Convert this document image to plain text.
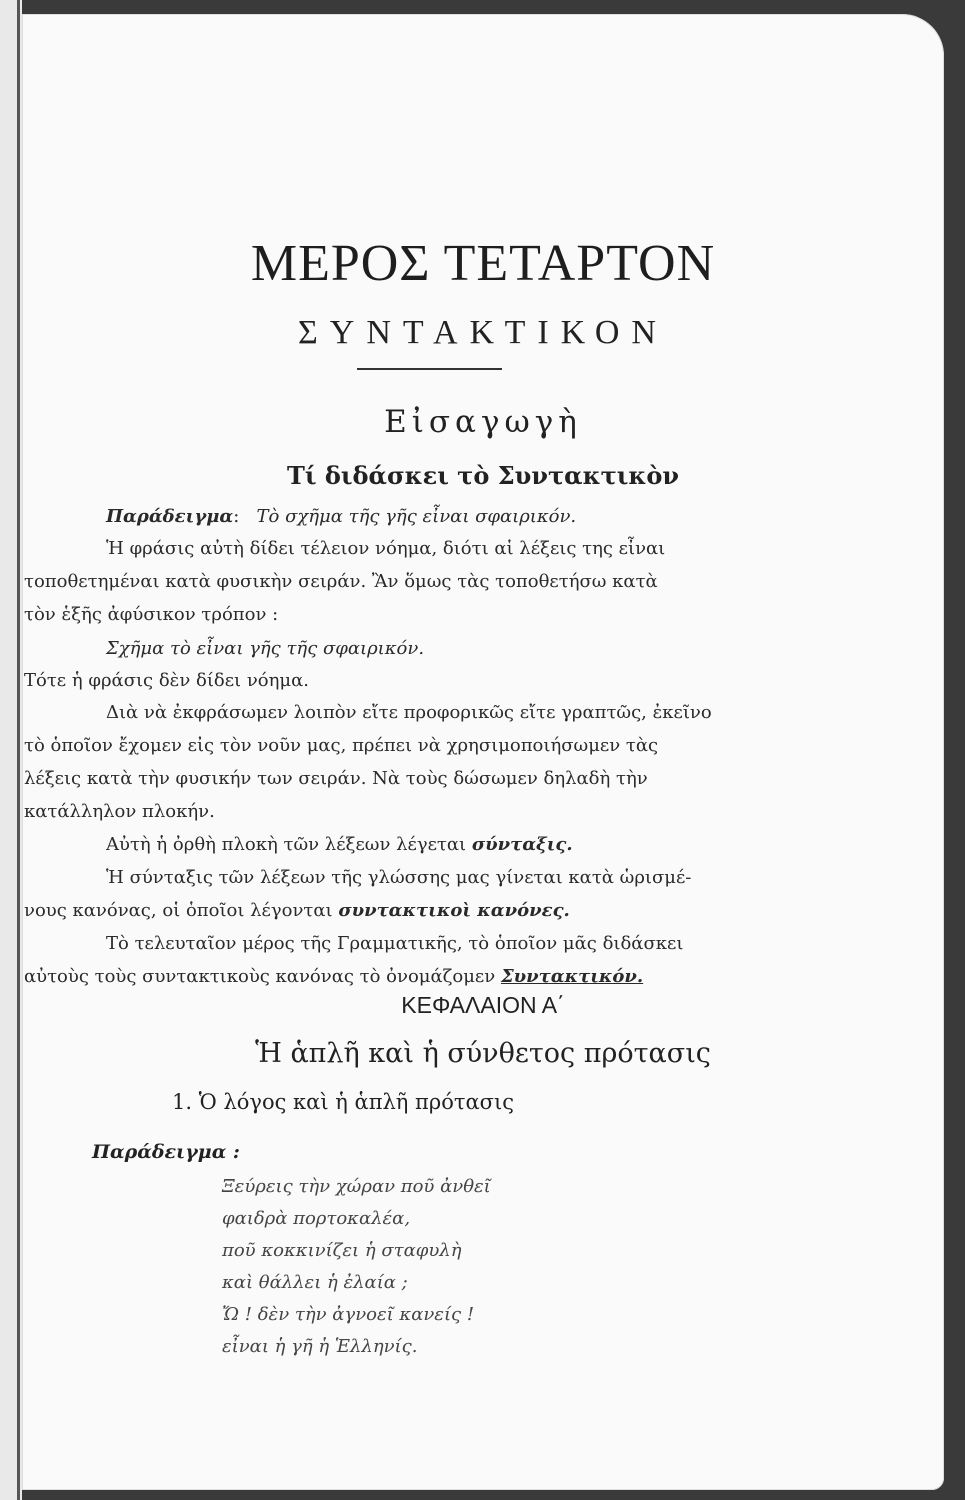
ΜΕΡΟΣ ΤΕΤΑΡΤΟΝ
ΣΥΝΤΑΚΤΙΚΟΝ
Εἰσαγωγὴ
Τί διδάσκει τὸ Συντακτικὸν
Παράδειγμα: Τὸ σχῆμα τῆς γῆς εἶναι σφαιρικόν.
Ἡ φράσις αὐτὴ δίδει τέλειον νόημα, διότι αἱ λέξεις της εἶναι
τοποθετημέναι κατὰ φυσικὴν σειράν. Ἂν ὅμως τὰς τοποθετήσω κατὰ
τὸν ἑξῆς ἀφύσικον τρόπον :
Σχῆμα τὸ εἶναι γῆς τῆς σφαιρικόν.
Τότε ἡ φράσις δὲν δίδει νόημα.
Διὰ νὰ ἐκφράσωμεν λοιπὸν εἴτε προφορικῶς εἴτε γραπτῶς, ἐκεῖνο
τὸ ὁποῖον ἔχομεν εἰς τὸν νοῦν μας, πρέπει νὰ χρησιμοποιήσωμεν τὰς
λέξεις κατὰ τὴν φυσικήν των σειράν. Νὰ τοὺς δώσωμεν δηλαδὴ τὴν
κατάλληλον πλοκήν.
Αὐτὴ ἡ ὀρθὴ πλοκὴ τῶν λέξεων λέγεται σύνταξις.
Ἡ σύνταξις τῶν λέξεων τῆς γλώσσης μας γίνεται κατὰ ὡρισμέ-
νους κανόνας, οἱ ὁποῖοι λέγονται συντακτικοὶ κανόνες.
Τὸ τελευταῖον μέρος τῆς Γραμματικῆς, τὸ ὁποῖον μᾶς διδάσκει
αὐτοὺς τοὺς συντακτικοὺς κανόνας τὸ ὀνομάζομεν Συντακτικόν.
ΚΕΦΑΛΑΙΟΝ Α΄
Ἡ ἁπλῆ καὶ ἡ σύνθετος πρότασις
1. Ὁ λόγος καὶ ἡ ἁπλῆ πρότασις
Παράδειγμα :
Ξεύρεις τὴν χώραν ποῦ ἀνθεῖ
φαιδρὰ πορτοκαλέα,
ποῦ κοκκινίζει ἡ σταφυλὴ
καὶ θάλλει ἡ ἐλαία ;
Ὤ ! δὲν τὴν ἀγνοεῖ κανείς !
εἶναι ἡ γῆ ἡ Ἑλληνίς.
